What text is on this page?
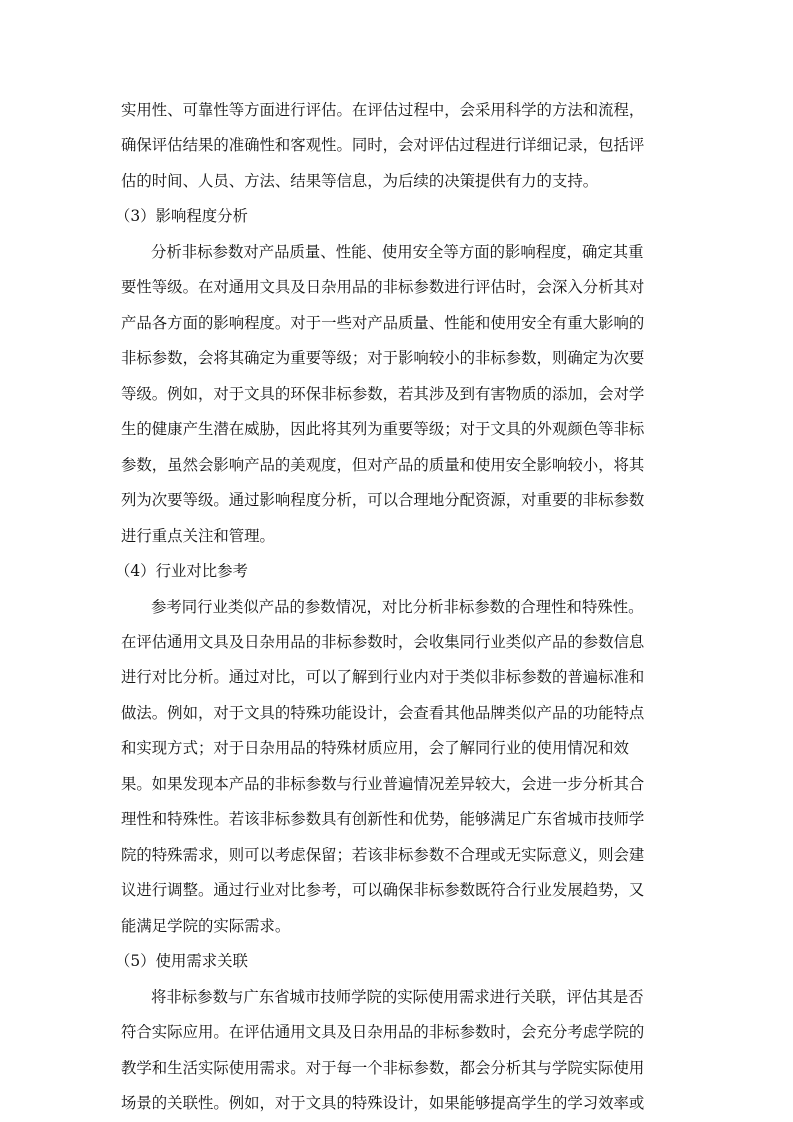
实用性、可靠性等方面进行评估。在评估过程中，会采用科学的方法和流程，
确保评估结果的准确性和客观性。同时，会对评估过程进行详细记录，包括评
估的时间、人员、方法、结果等信息，为后续的决策提供有力的支持。
（3）影响程度分析
分析非标参数对产品质量、性能、使用安全等方面的影响程度，确定其重
要性等级。在对通用文具及日杂用品的非标参数进行评估时，会深入分析其对
产品各方面的影响程度。对于一些对产品质量、性能和使用安全有重大影响的
非标参数，会将其确定为重要等级；对于影响较小的非标参数，则确定为次要
等级。例如，对于文具的环保非标参数，若其涉及到有害物质的添加，会对学
生的健康产生潜在威胁，因此将其列为重要等级；对于文具的外观颜色等非标
参数，虽然会影响产品的美观度，但对产品的质量和使用安全影响较小，将其
列为次要等级。通过影响程度分析，可以合理地分配资源，对重要的非标参数
进行重点关注和管理。
（4）行业对比参考
参考同行业类似产品的参数情况，对比分析非标参数的合理性和特殊性。
在评估通用文具及日杂用品的非标参数时，会收集同行业类似产品的参数信息
进行对比分析。通过对比，可以了解到行业内对于类似非标参数的普遍标准和
做法。例如，对于文具的特殊功能设计，会查看其他品牌类似产品的功能特点
和实现方式；对于日杂用品的特殊材质应用，会了解同行业的使用情况和效
果。如果发现本产品的非标参数与行业普遍情况差异较大，会进一步分析其合
理性和特殊性。若该非标参数具有创新性和优势，能够满足广东省城市技师学
院的特殊需求，则可以考虑保留；若该非标参数不合理或无实际意义，则会建
议进行调整。通过行业对比参考，可以确保非标参数既符合行业发展趋势，又
能满足学院的实际需求。
（5）使用需求关联
将非标参数与广东省城市技师学院的实际使用需求进行关联，评估其是否
符合实际应用。在评估通用文具及日杂用品的非标参数时，会充分考虑学院的
教学和生活实际使用需求。对于每一个非标参数，都会分析其与学院实际使用
场景的关联性。例如，对于文具的特殊设计，如果能够提高学生的学习效率或
